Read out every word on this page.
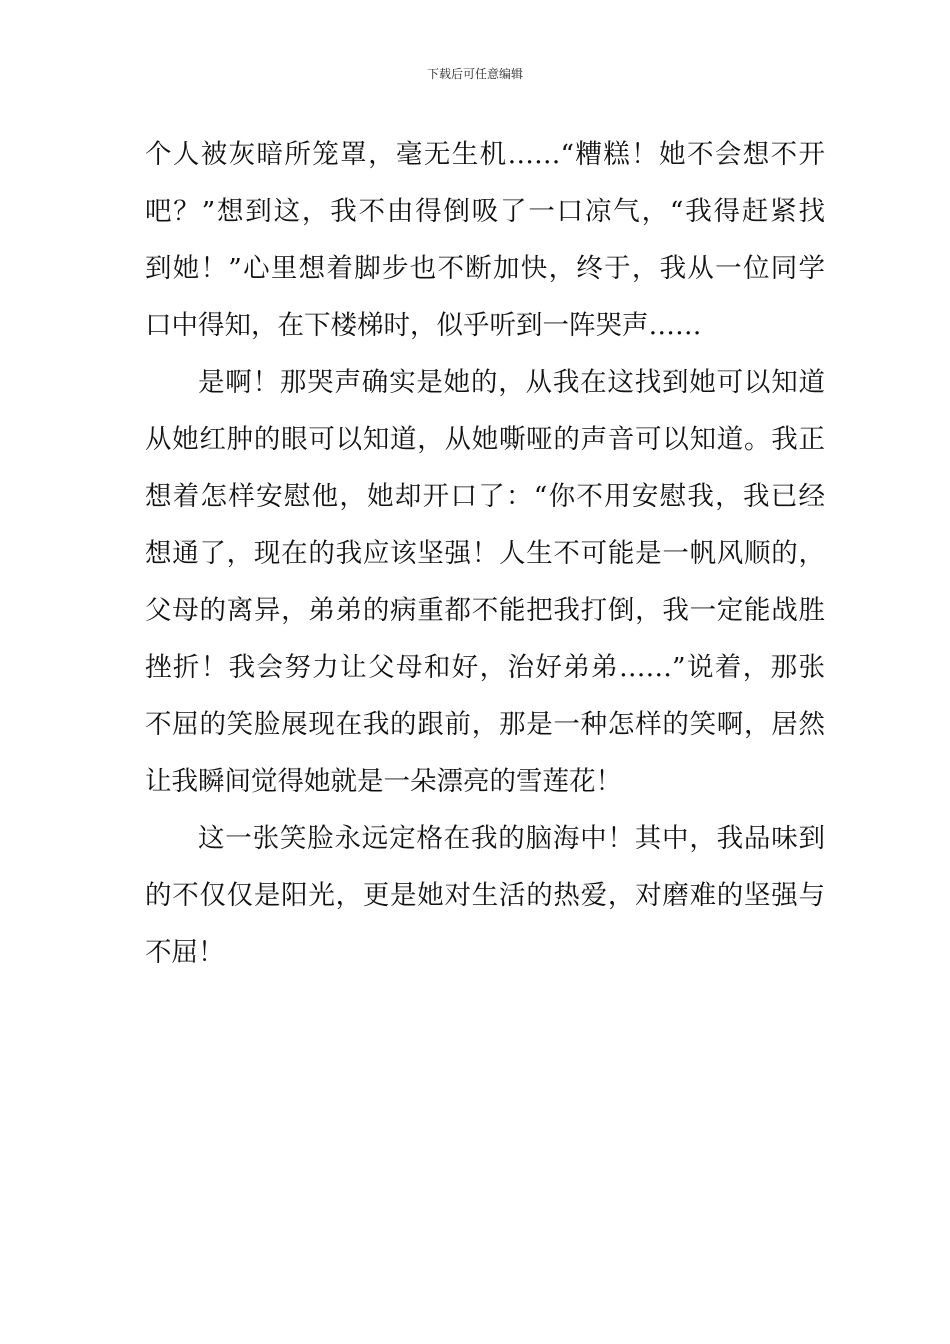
下载后可任意编辑
个人被灰暗所笼罩，毫无生机……“糟糕！她不会想不开
吧？”想到这，我不由得倒吸了一口凉气，“我得赶紧找
到她！”心里想着脚步也不断加快，终于，我从一位同学
口中得知，在下楼梯时，似乎听到一阵哭声……
是啊！那哭声确实是她的，从我在这找到她可以知道
从她红肿的眼可以知道，从她嘶哑的声音可以知道。我正
想着怎样安慰他，她却开口了：“你不用安慰我，我已经
想通了，现在的我应该坚强！人生不可能是一帆风顺的，
父母的离异，弟弟的病重都不能把我打倒，我一定能战胜
挫折！我会努力让父母和好，治好弟弟……”说着，那张
不屈的笑脸展现在我的跟前，那是一种怎样的笑啊，居然
让我瞬间觉得她就是一朵漂亮的雪莲花！
这一张笑脸永远定格在我的脑海中！其中，我品味到
的不仅仅是阳光，更是她对生活的热爱，对磨难的坚强与
不屈！
